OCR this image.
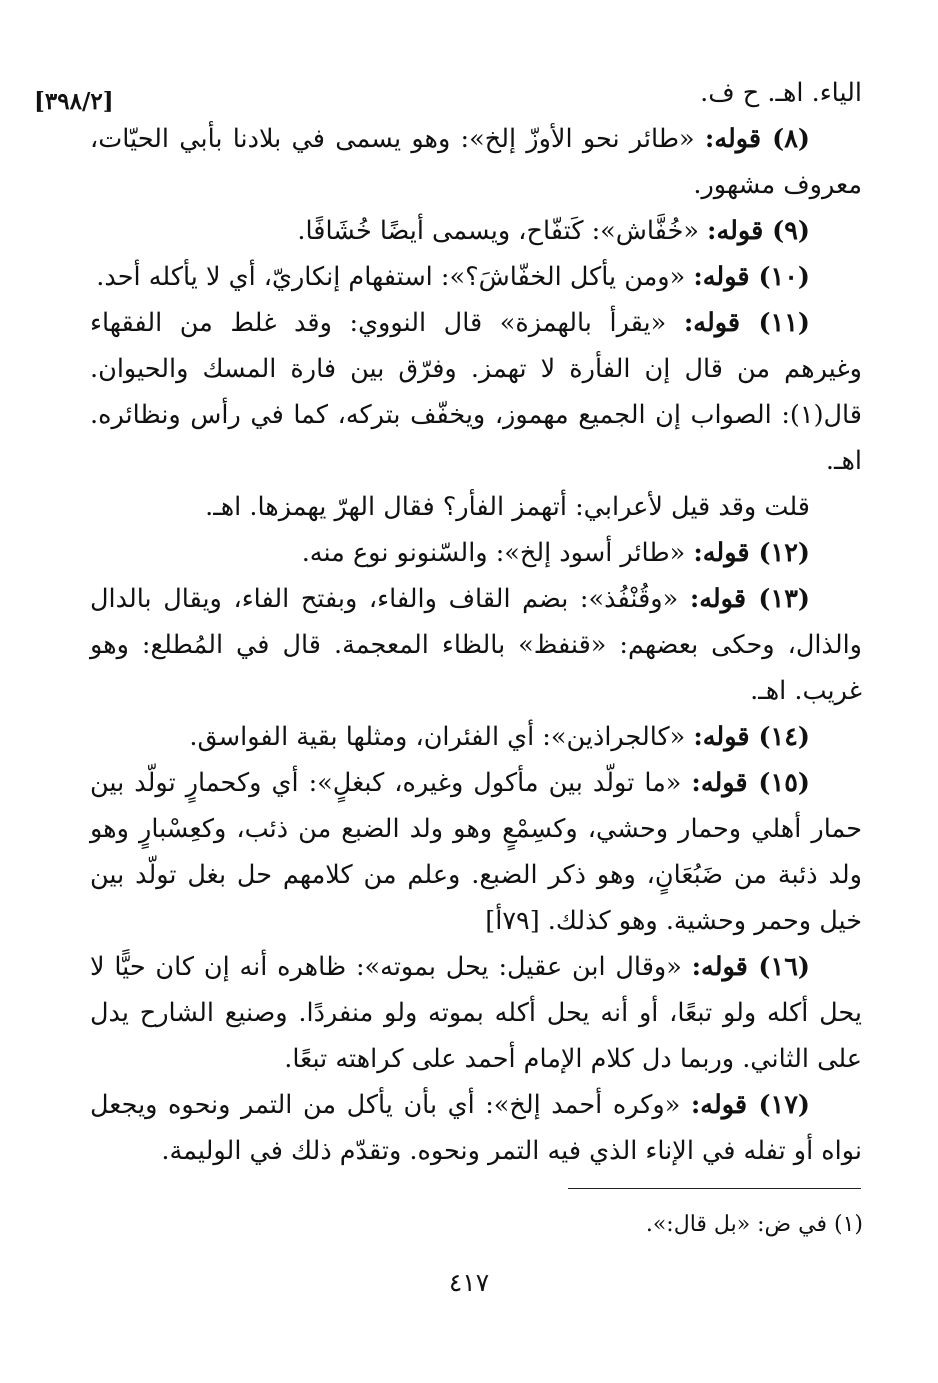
[٣٩٨/٢]	الياء. اهـ. ح ف.

(٨) قوله: «طائر نحو الأوزّ إلخ»: وهو يسمى في بلادنا بأبي الحيّات، معروف مشهور.

(٩) قوله: «خُفَّاش»: كَتفّاح، ويسمى أيضًا خُشَافًا.

(١٠) قوله: «ومن يأكل الخفّاشَ؟»: استفهام إنكاريّ، أي لا يأكله أحد.

(١١) قوله: «يقرأ بالهمزة» قال النووي: وقد غلط من الفقهاء وغيرهم من قال إن الفأرة لا تهمز. وفرّق بين فارة المسك والحيوان. قال(١): الصواب إن الجميع مهموز، ويخفّف بتركه، كما في رأس ونظائره. اهـ.

قلت وقد قيل لأعرابي: أتهمز الفأر؟ فقال الهرّ يهمزها. اهـ.

(١٢) قوله: «طائر أسود إلخ»: والسّنونو نوع منه.

(١٣) قوله: «وقُنْفُذ»: بضم القاف والفاء، وبفتح الفاء، ويقال بالدال والذال، وحكى بعضهم: «قنفظ» بالظاء المعجمة. قال في المُطلع: وهو غريب. اهـ.

(١٤) قوله: «كالجراذين»: أي الفئران، ومثلها بقية الفواسق.

(١٥) قوله: «ما تولّد بين مأكول وغيره، كبغلٍ»: أي وكحمارٍ تولّد بين حمار أهلي وحمار وحشي، وكسِمْعٍ وهو ولد الضبع من ذئب، وكعِسْبارٍ وهو ولد ذئبة من ضَبُعَانٍ، وهو ذكر الضبع. وعلم من كلامهم حل بغل تولّد بين خيل وحمر وحشية. وهو كذلك. [٧٩أ]

(١٦) قوله: «وقال ابن عقيل: يحل بموته»: ظاهره أنه إن كان حيًّا لا يحل أكله ولو تبعًا، أو أنه يحل أكله بموته ولو منفردًا. وصنيع الشارح يدل على الثاني. وربما دل كلام الإمام أحمد على كراهته تبعًا.

(١٧) قوله: «وكره أحمد إلخ»: أي بأن يأكل من التمر ونحوه ويجعل نواه أو تفله في الإناء الذي فيه التمر ونحوه. وتقدّم ذلك في الوليمة.

(١) في ض: «بل قال:».
٤١٧
